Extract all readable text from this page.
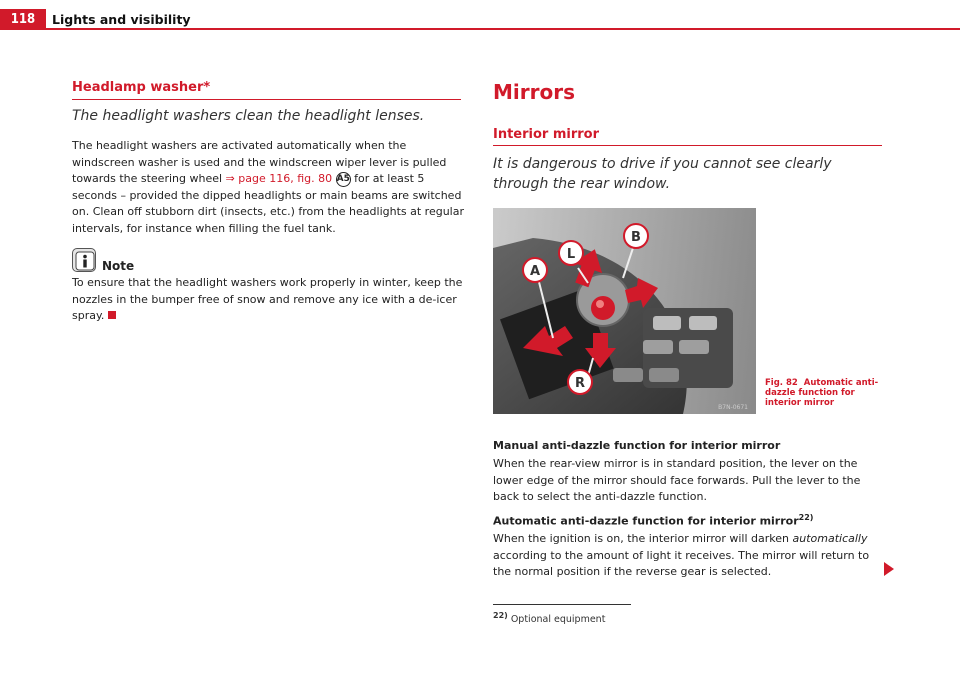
118	Lights and visibility
Headlamp washer*
The headlight washers clean the headlight lenses.
The headlight washers are activated automatically when the windscreen washer is used and the windscreen wiper lever is pulled towards the steering wheel ⇒ page 116, fig. 80 A5 for at least 5 seconds – provided the dipped headlights or main beams are switched on. Clean off stubborn dirt (insects, etc.) from the headlights at regular intervals, for instance when filling the fuel tank.
Note
To ensure that the headlight washers work properly in winter, keep the nozzles in the bumper free of snow and remove any ice with a de-icer spray.
Mirrors
Interior mirror
It is dangerous to drive if you cannot see clearly through the rear window.
A
L
B
R
B7N-0671
Fig. 82 Automatic anti-dazzle function for interior mirror
Manual anti-dazzle function for interior mirror
When the rear-view mirror is in standard position, the lever on the lower edge of the mirror should face forwards. Pull the lever to the back to select the anti-dazzle function.
Automatic anti-dazzle function for interior mirror$^{22)}$
When the ignition is on, the interior mirror will darken automatically according to the amount of light it receives. The mirror will return to the normal position if the reverse gear is selected.
$^{22)}$ Optional equipment
